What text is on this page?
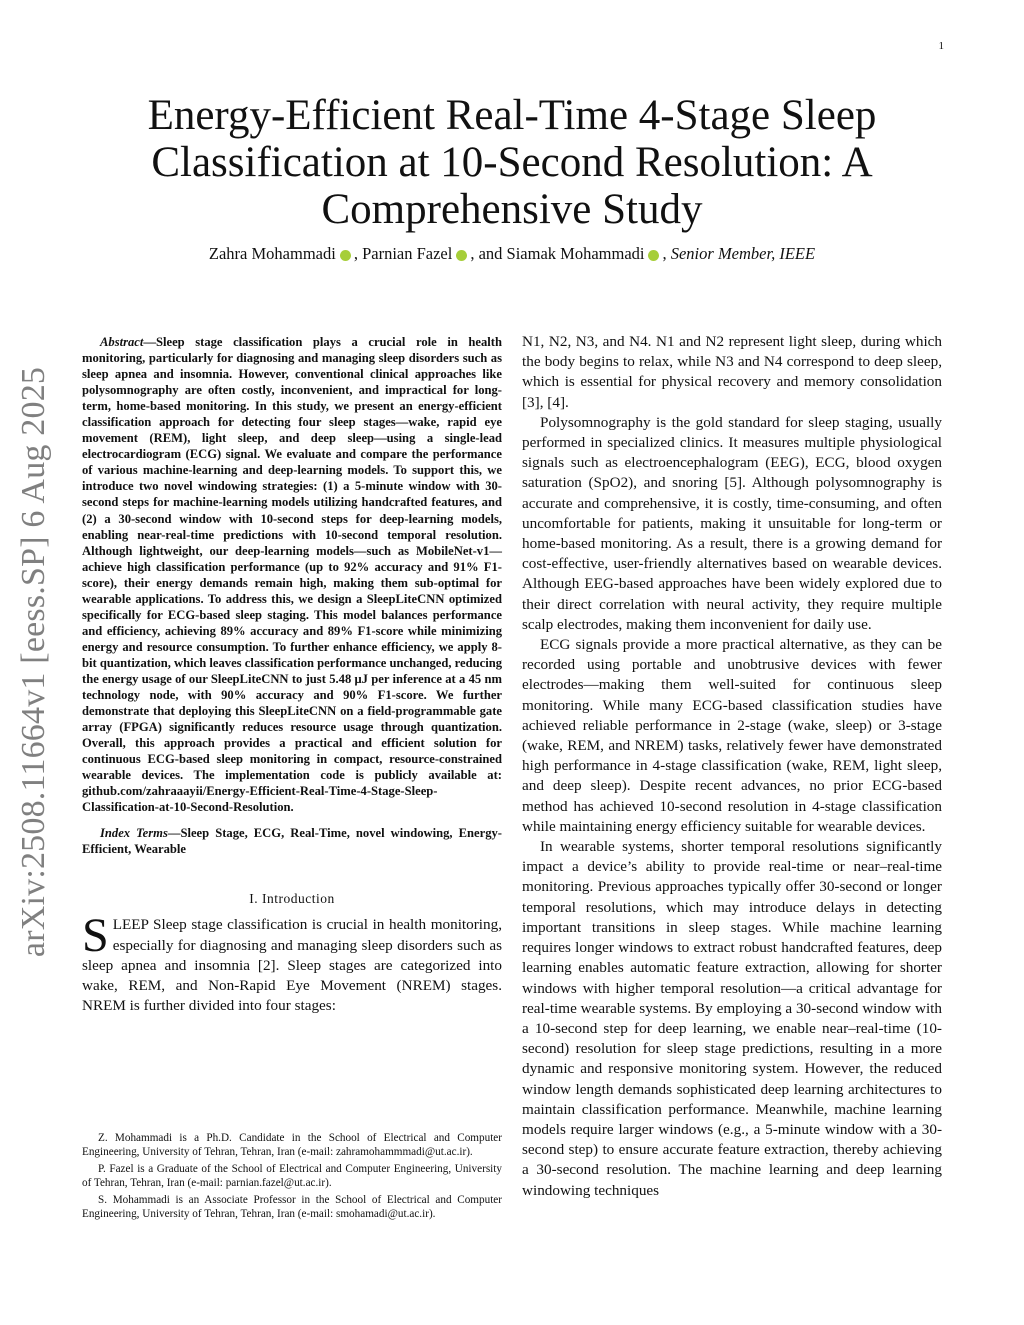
1
arXiv:2508.11664v1 [eess.SP] 6 Aug 2025
Energy-Efficient Real-Time 4-Stage Sleep Classification at 10-Second Resolution: A Comprehensive Study
Zahra Mohammadi , Parnian Fazel , and Siamak Mohammadi , Senior Member, IEEE

Abstract—Sleep stage classification plays a crucial role in health monitoring, particularly for diagnosing and managing sleep disorders such as sleep apnea and insomnia. However, conventional clinical approaches like polysomnography are often costly, inconvenient, and impractical for long-term, home-based monitoring. In this study, we present an energy-efficient classification approach for detecting four sleep stages—wake, rapid eye movement (REM), light sleep, and deep sleep—using a single-lead electrocardiogram (ECG) signal. We evaluate and compare the performance of various machine-learning and deep-learning models. To support this, we introduce two novel windowing strategies: (1) a 5-minute window with 30-second steps for machine-learning models utilizing handcrafted features, and (2) a 30-second window with 10-second steps for deep-learning models, enabling near-real-time predictions with 10-second temporal resolution. Although lightweight, our deep-learning models—such as MobileNet-v1—achieve high classification performance (up to 92% accuracy and 91% F1-score), their energy demands remain high, making them sub-optimal for wearable applications. To address this, we design a SleepLiteCNN optimized specifically for ECG-based sleep staging. This model balances performance and efficiency, achieving 89% accuracy and 89% F1-score while minimizing energy and resource consumption. To further enhance efficiency, we apply 8-bit quantization, which leaves classification performance unchanged, reducing the energy usage of our SleepLiteCNN to just 5.48 μJ per inference at a 45 nm technology node, with 90% accuracy and 90% F1-score. We further demonstrate that deploying this SleepLiteCNN on a field-programmable gate array (FPGA) significantly reduces resource usage through quantization. Overall, this approach provides a practical and efficient solution for continuous ECG-based sleep monitoring in compact, resource-constrained wearable devices. The implementation code is publicly available at: github.com/zahraaayii/Energy-Efficient-Real-Time-4-Stage-Sleep-Classification-at-10-Second-Resolution.

Index Terms—Sleep Stage, ECG, Real-Time, novel windowing, Energy-Efficient, Wearable

I. Introduction

SLEEP Sleep stage classification is crucial in health monitoring, especially for diagnosing and managing sleep disorders such as sleep apnea and insomnia [2]. Sleep stages are categorized into wake, REM, and Non-Rapid Eye Movement (NREM) stages. NREM is further divided into four stages:

Z. Mohammadi is a Ph.D. Candidate in the School of Electrical and Computer Engineering, University of Tehran, Tehran, Iran (e-mail: zahramohammmadi@ut.ac.ir).

P. Fazel is a Graduate of the School of Electrical and Computer Engineering, University of Tehran, Tehran, Iran (e-mail: parnian.fazel@ut.ac.ir).

S. Mohammadi is an Associate Professor in the School of Electrical and Computer Engineering, University of Tehran, Tehran, Iran (e-mail: smohamadi@ut.ac.ir).

N1, N2, N3, and N4. N1 and N2 represent light sleep, during which the body begins to relax, while N3 and N4 correspond to deep sleep, which is essential for physical recovery and memory consolidation [3], [4].

Polysomnography is the gold standard for sleep staging, usually performed in specialized clinics. It measures multiple physiological signals such as electroencephalogram (EEG), ECG, blood oxygen saturation (SpO2), and snoring [5]. Although polysomnography is accurate and comprehensive, it is costly, time-consuming, and often uncomfortable for patients, making it unsuitable for long-term or home-based monitoring. As a result, there is a growing demand for cost-effective, user-friendly alternatives based on wearable devices. Although EEG-based approaches have been widely explored due to their direct correlation with neural activity, they require multiple scalp electrodes, making them inconvenient for daily use.

ECG signals provide a more practical alternative, as they can be recorded using portable and unobtrusive devices with fewer electrodes—making them well-suited for continuous sleep monitoring. While many ECG-based classification studies have achieved reliable performance in 2-stage (wake, sleep) or 3-stage (wake, REM, and NREM) tasks, relatively fewer have demonstrated high performance in 4-stage classification (wake, REM, light sleep, and deep sleep). Despite recent advances, no prior ECG-based method has achieved 10-second resolution in 4-stage classification while maintaining energy efficiency suitable for wearable devices.

In wearable systems, shorter temporal resolutions significantly impact a device’s ability to provide real-time or near–real-time monitoring. Previous approaches typically offer 30-second or longer temporal resolutions, which may introduce delays in detecting important transitions in sleep stages. While machine learning requires longer windows to extract robust handcrafted features, deep learning enables automatic feature extraction, allowing for shorter windows with higher temporal resolution—a critical advantage for real-time wearable systems. By employing a 30-second window with a 10-second step for deep learning, we enable near–real-time (10-second) resolution for sleep stage predictions, resulting in a more dynamic and responsive monitoring system. However, the reduced window length demands sophisticated deep learning architectures to maintain classification performance. Meanwhile, machine learning models require larger windows (e.g., a 5-minute window with a 30-second step) to ensure accurate feature extraction, thereby achieving a 30-second resolution. The machine learning and deep learning windowing techniques
